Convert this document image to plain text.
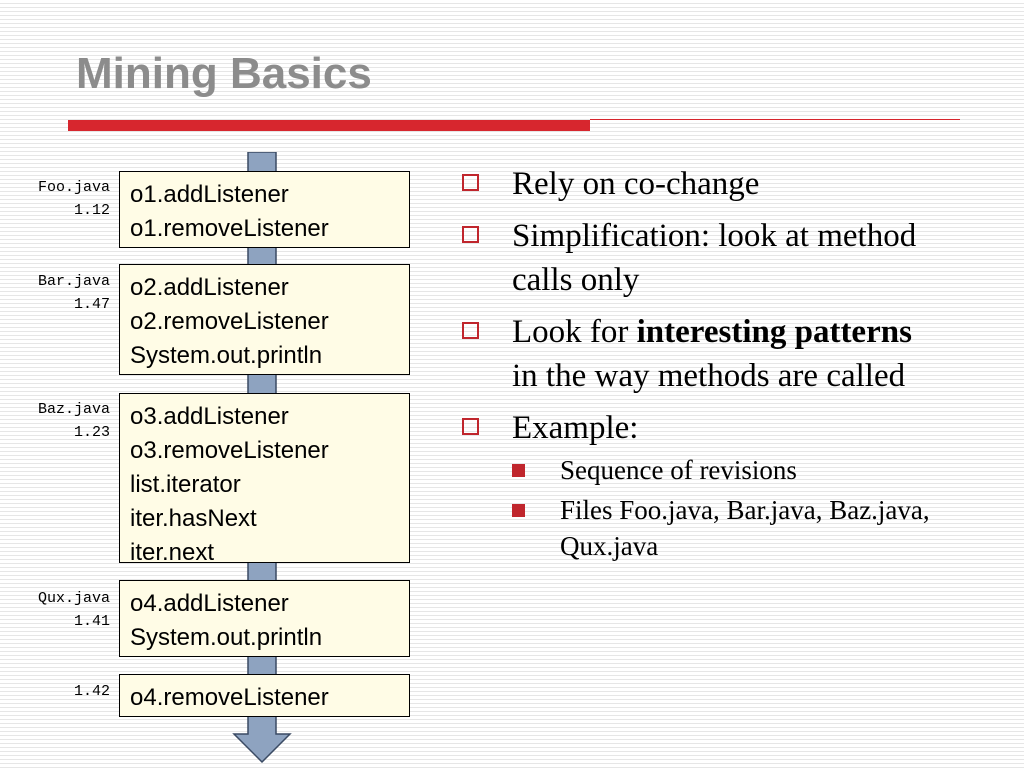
Mining Basics
Foo.java
1.12
o1.addListener
o1.removeListener
Bar.java
1.47
o2.addListener
o2.removeListener
System.out.println
Baz.java
1.23
o3.addListener
o3.removeListener
list.iterator
iter.hasNext
iter.next
Qux.java
1.41
o4.addListener
System.out.println
1.42 o4.removeListener
Rely on co-change
Simplification: look at method calls only
Look for interesting patterns in the way methods are called
Example:
Sequence of revisions
Files Foo.java, Bar.java, Baz.java, Qux.java
